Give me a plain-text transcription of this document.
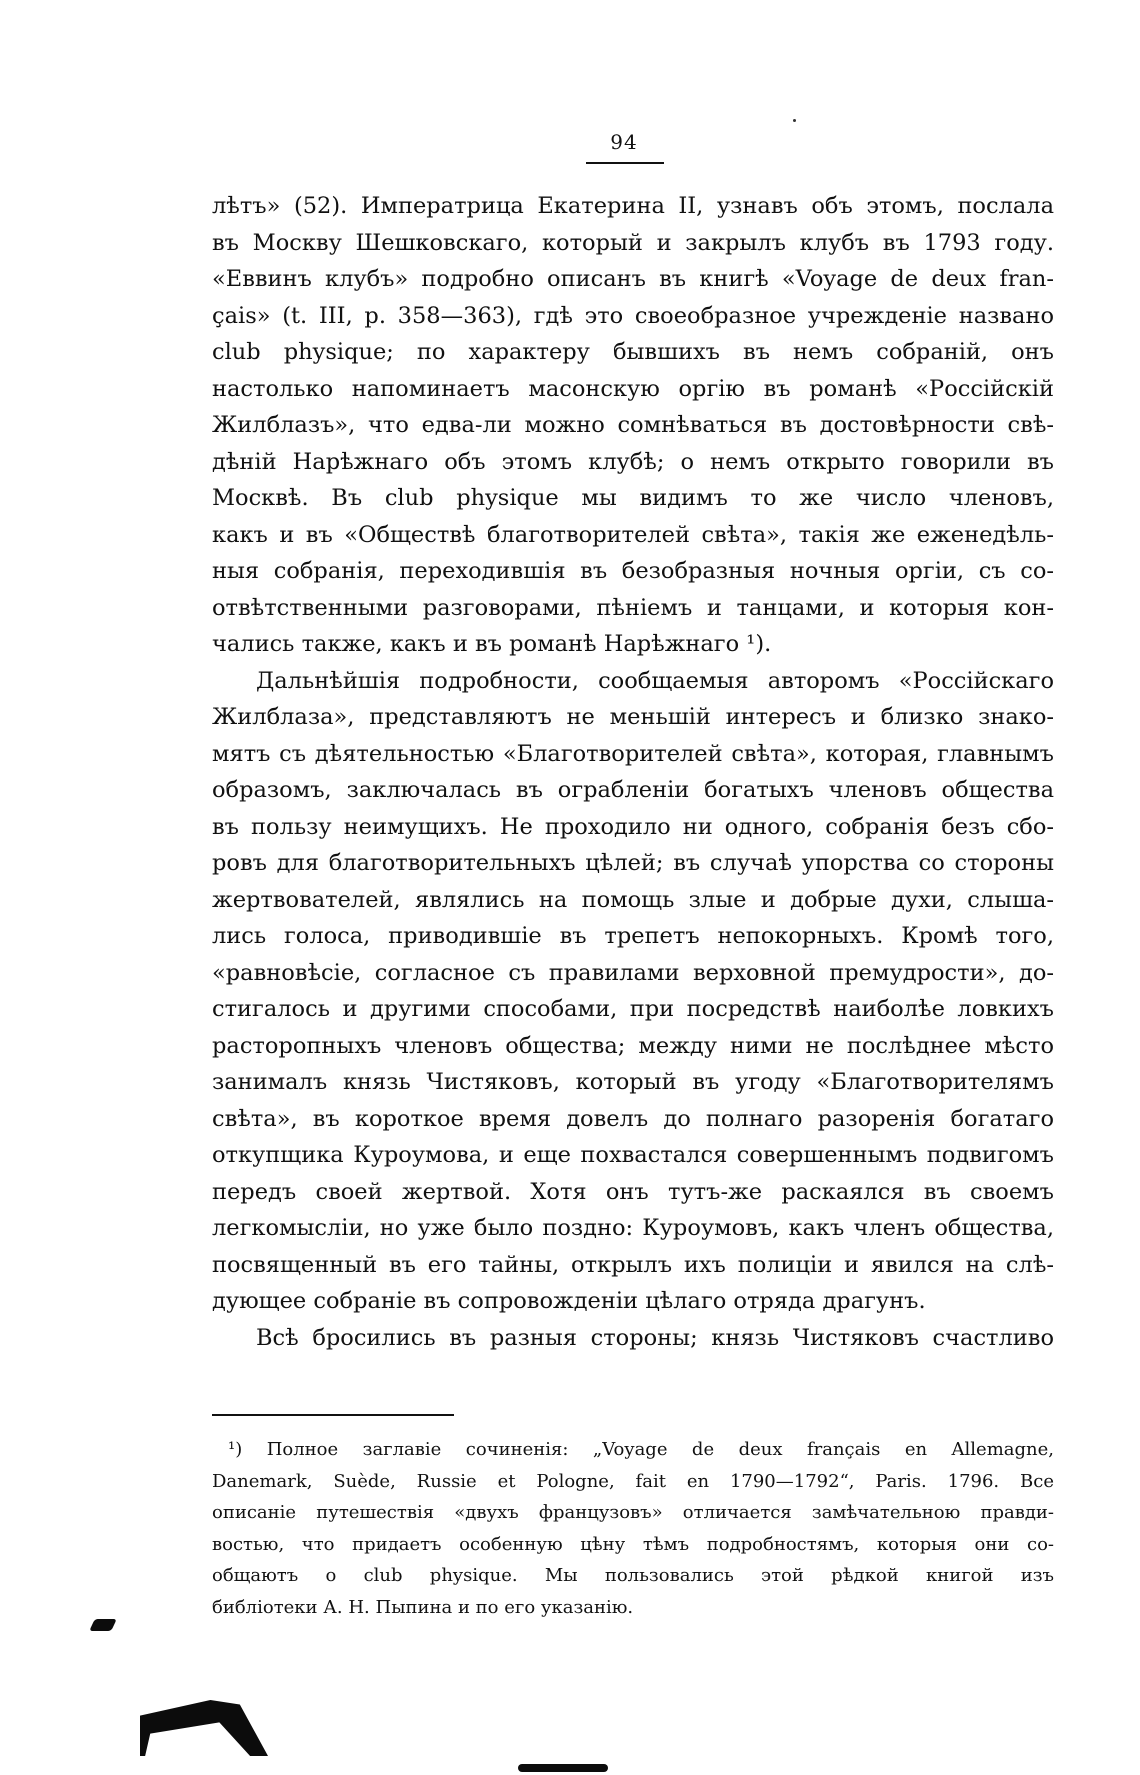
94

лѣтъ» (52). Императрица Екатерина II, узнавъ объ этомъ, послала
въ Москву Шешковскаго, который и закрылъ клубъ въ 1793 году.
«Еввинъ клубъ» подробно описанъ въ книгѣ «Voyage de deux fran-
çais» (t. III, p. 358—363), гдѣ это своеобразное учрежденіе названо
club physique; по характеру бывшихъ въ немъ собраній, онъ
настолько напоминаетъ масонскую оргію въ романѣ «Россійскій
Жилблазъ», что едва-ли можно сомнѣваться въ достовѣрности свѣ-
дѣній Нарѣжнаго объ этомъ клубѣ; о немъ открыто говорили въ
Москвѣ. Въ club physique мы видимъ то же число членовъ,
какъ и въ «Обществѣ благотворителей свѣта», такія же еженедѣль-
ныя собранія, переходившія въ безобразныя ночныя оргіи, съ со-
отвѣтственными разговорами, пѣніемъ и танцами, и которыя кон-
чались также, какъ и въ романѣ Нарѣжнаго ¹).

Дальнѣйшія подробности, сообщаемыя авторомъ «Россійскаго
Жилблаза», представляютъ не меньшій интересъ и близко знако-
мятъ съ дѣятельностью «Благотворителей свѣта», которая, главнымъ
образомъ, заключалась въ ограбленіи богатыхъ членовъ общества
въ пользу неимущихъ. Не проходило ни одного, собранія безъ сбо-
ровъ для благотворительныхъ цѣлей; въ случаѣ упорства со стороны
жертвователей, являлись на помощь злые и добрые духи, слыша-
лись голоса, приводившіе въ трепетъ непокорныхъ. Кромѣ того,
«равновѣсіе, согласное съ правилами верховной премудрости», до-
стигалось и другими способами, при посредствѣ наиболѣе ловкихъ
расторопныхъ членовъ общества; между ними не послѣднее мѣсто
занималъ князь Чистяковъ, который въ угоду «Благотворителямъ
свѣта», въ короткое время довелъ до полнаго разоренія богатаго
откупщика Куроумова, и еще похвастался совершеннымъ подвигомъ
передъ своей жертвой. Хотя онъ тутъ-же раскаялся въ своемъ
легкомысліи, но уже было поздно: Куроумовъ, какъ членъ общества,
посвященный въ его тайны, открылъ ихъ полиціи и явился на слѣ-
дующее собраніе въ сопровожденіи цѣлаго отряда драгунъ.

Всѣ бросились въ разныя стороны; князь Чистяковъ счастливо

¹) Полное заглавіе сочиненія: „Voyage de deux français en Allemagne,
Danemark, Suède, Russie et Pologne, fait en 1790—1792“, Paris. 1796. Все
описаніе путешествія «двухъ французовъ» отличается замѣчательною правди-
востью, что придаетъ особенную цѣну тѣмъ подробностямъ, которыя они со-
общаютъ о club physique. Мы пользовались этой рѣдкой книгой изъ
библіотеки А. Н. Пыпина и по его указанію.
